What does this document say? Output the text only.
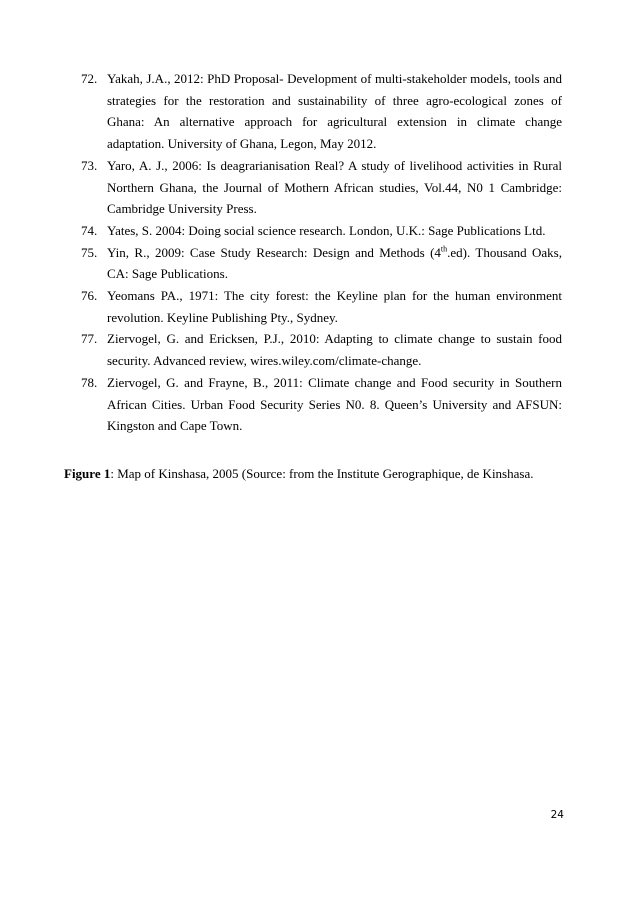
72. Yakah, J.A., 2012: PhD Proposal- Development of multi-stakeholder models, tools and strategies for the restoration and sustainability of three agro-ecological zones of Ghana: An alternative approach for agricultural extension in climate change adaptation. University of Ghana, Legon, May 2012.
73. Yaro, A. J., 2006: Is deagrarianisation Real? A study of livelihood activities in Rural Northern Ghana, the Journal of Mothern African studies, Vol.44, N0 1 Cambridge: Cambridge University Press.
74. Yates, S. 2004: Doing social science research. London, U.K.: Sage Publications Ltd.
75. Yin, R., 2009: Case Study Research: Design and Methods (4th.ed). Thousand Oaks, CA: Sage Publications.
76. Yeomans PA., 1971: The city forest: the Keyline plan for the human environment revolution. Keyline Publishing Pty., Sydney.
77. Ziervogel, G. and Ericksen, P.J., 2010: Adapting to climate change to sustain food security. Advanced review, wires.wiley.com/climate-change.
78. Ziervogel, G. and Frayne, B., 2011: Climate change and Food security in Southern African Cities. Urban Food Security Series N0. 8. Queen’s University and AFSUN: Kingston and Cape Town.
Figure 1: Map of Kinshasa, 2005 (Source: from the Institute Gerographique, de Kinshasa.
24
